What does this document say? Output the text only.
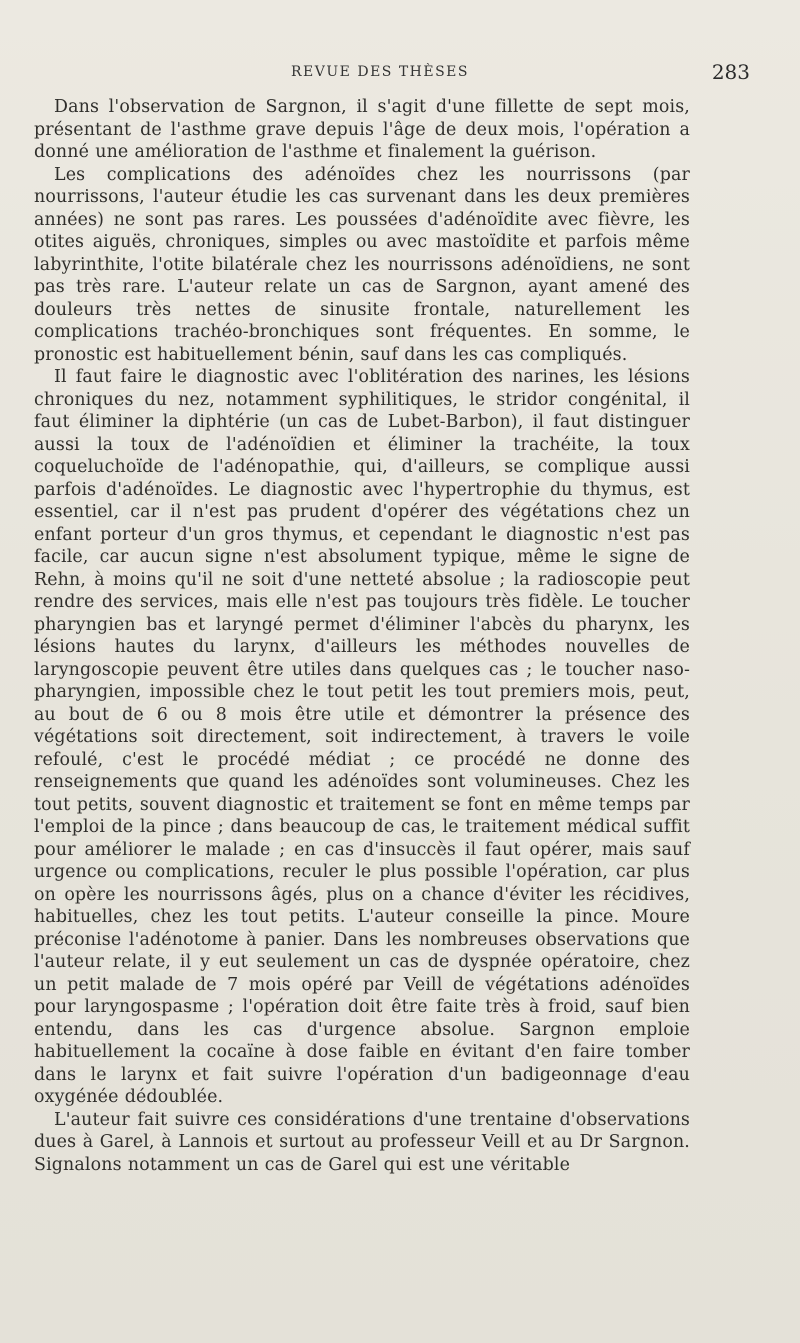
REVUE DES THÈSES	283

Dans l'observation de Sargnon, il s'agit d'une fillette de sept mois, présentant de l'asthme grave depuis l'âge de deux mois, l'opération a donné une amélioration de l'asthme et finalement la guérison.

Les complications des adénoïdes chez les nourrissons (par nourrissons, l'auteur étudie les cas survenant dans les deux premières années) ne sont pas rares. Les poussées d'adénoïdite avec fièvre, les otites aiguës, chroniques, simples ou avec mastoïdite et parfois même labyrinthite, l'otite bilatérale chez les nourrissons adénoïdiens, ne sont pas très rare. L'auteur relate un cas de Sargnon, ayant amené des douleurs très nettes de sinusite frontale, naturellement les complications trachéo-bronchiques sont fréquentes. En somme, le pronostic est habituellement bénin, sauf dans les cas compliqués.

Il faut faire le diagnostic avec l'oblitération des narines, les lésions chroniques du nez, notamment syphilitiques, le stridor congénital, il faut éliminer la diphtérie (un cas de Lubet-Barbon), il faut distinguer aussi la toux de l'adénoïdien et éliminer la trachéite, la toux coqueluchoïde de l'adénopathie, qui, d'ailleurs, se complique aussi parfois d'adénoïdes. Le diagnostic avec l'hypertrophie du thymus, est essentiel, car il n'est pas prudent d'opérer des végétations chez un enfant porteur d'un gros thymus, et cependant le diagnostic n'est pas facile, car aucun signe n'est absolument typique, même le signe de Rehn, à moins qu'il ne soit d'une netteté absolue ; la radioscopie peut rendre des services, mais elle n'est pas toujours très fidèle. Le toucher pharyngien bas et laryngé permet d'éliminer l'abcès du pharynx, les lésions hautes du larynx, d'ailleurs les méthodes nouvelles de laryngoscopie peuvent être utiles dans quelques cas ; le toucher naso-pharyngien, impossible chez le tout petit les tout premiers mois, peut, au bout de 6 ou 8 mois être utile et démontrer la présence des végétations soit directement, soit indirectement, à travers le voile refoulé, c'est le procédé médiat ; ce procédé ne donne des renseignements que quand les adénoïdes sont volumineuses. Chez les tout petits, souvent diagnostic et traitement se font en même temps par l'emploi de la pince ; dans beaucoup de cas, le traitement médical suffit pour améliorer le malade ; en cas d'insuccès il faut opérer, mais sauf urgence ou complications, reculer le plus possible l'opération, car plus on opère les nourrissons âgés, plus on a chance d'éviter les récidives, habituelles, chez les tout petits. L'auteur conseille la pince. Moure préconise l'adénotome à panier. Dans les nombreuses observations que l'auteur relate, il y eut seulement un cas de dyspnée opératoire, chez un petit malade de 7 mois opéré par Veill de végétations adénoïdes pour laryngospasme ; l'opération doit être faite très à froid, sauf bien entendu, dans les cas d'urgence absolue. Sargnon emploie habituellement la cocaïne à dose faible en évitant d'en faire tomber dans le larynx et fait suivre l'opération d'un badigeonnage d'eau oxygénée dédoublée.

L'auteur fait suivre ces considérations d'une trentaine d'observations dues à Garel, à Lannois et surtout au professeur Veill et au Dr Sargnon. Signalons notamment un cas de Garel qui est une véritable
